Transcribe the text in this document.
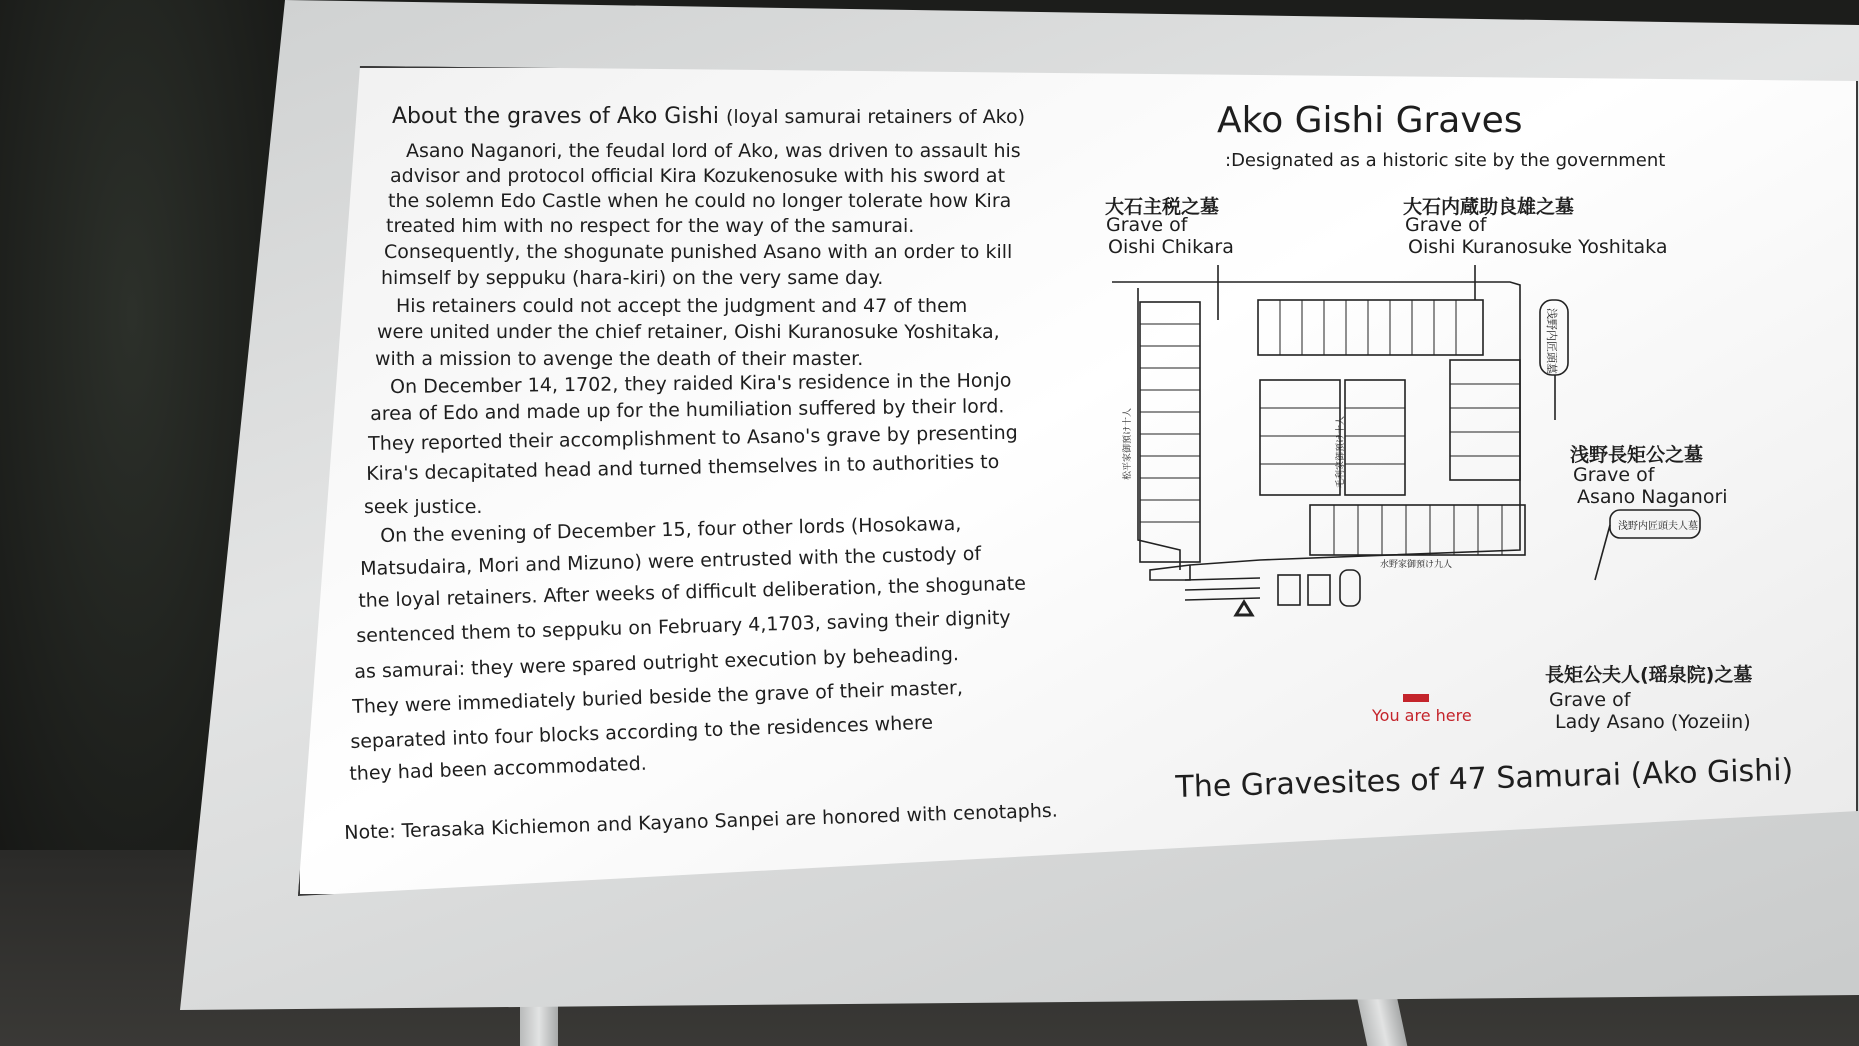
About the graves of Ako Gishi (loyal samurai retainers of Ako)
Asano Naganori, the feudal lord of Ako, was driven to assault his
advisor and protocol official Kira Kozukenosuke with his sword at
the solemn Edo Castle when he could no longer tolerate how Kira
treated him with no respect for the way of the samurai.
Consequently, the shogunate punished Asano with an order to kill
himself by seppuku (hara-kiri) on the very same day.
His retainers could not accept the judgment and 47 of them
were united under the chief retainer, Oishi Kuranosuke Yoshitaka,
with a mission to avenge the death of their master.
On December 14, 1702, they raided Kira's residence in the Honjo
area of Edo and made up for the humiliation suffered by their lord.
They reported their accomplishment to Asano's grave by presenting
Kira's decapitated head and turned themselves in to authorities to
seek justice.
On the evening of December 15, four other lords (Hosokawa,
Matsudaira, Mori and Mizuno) were entrusted with the custody of
the loyal retainers. After weeks of difficult deliberation, the shogunate
sentenced them to seppuku on February 4,1703, saving their dignity
as samurai: they were spared outright execution by beheading.
They were immediately buried beside the grave of their master,
separated into four blocks according to the residences where
they had been accommodated.
Note: Terasaka Kichiemon and Kayano Sanpei are honored with cenotaphs.
Ako Gishi Graves
:Designated as a historic site by the government
大石主税之墓
Grave of
Oishi Chikara
大石内蔵助良雄之墓
Grave of
Oishi Kuranosuke Yoshitaka
浅野長矩公之墓
Grave of
Asano Naganori
長矩公夫人(瑶泉院)之墓
Grave of
Lady Asano (Yozeiin)
You are here
The Gravesites of 47 Samurai (Ako Gishi)
浅野内匠頭墓
浅野内匠頭夫人墓
松平家御預け十人
水野家御預け九人
毛利家御預け十人
